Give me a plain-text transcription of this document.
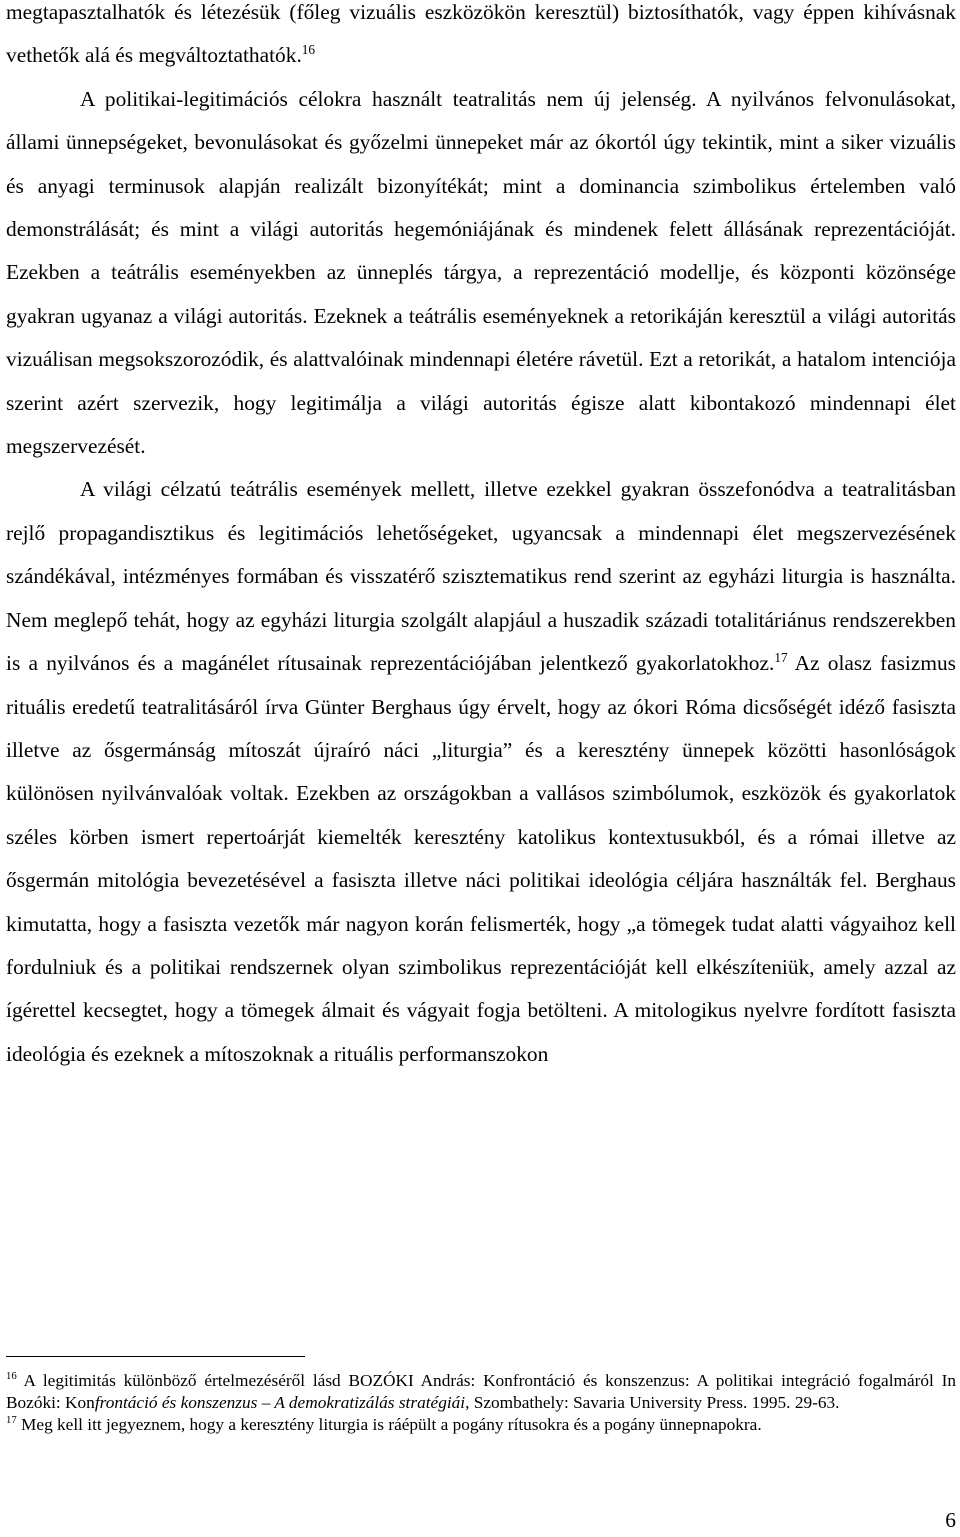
megtapasztalhatók és létezésük (főleg vizuális eszközökön keresztül) biztosíthatók, vagy éppen kihívásnak vethetők alá és megváltoztathatók.$^{16}$

A politikai-legitimációs célokra használt teatralitás nem új jelenség. A nyilvános felvonulásokat, állami ünnepségeket, bevonulásokat és győzelmi ünnepeket már az ókortól úgy tekintik, mint a siker vizuális és anyagi terminusok alapján realizált bizonyítékát; mint a dominancia szimbolikus értelemben való demonstrálását; és mint a világi autoritás hegemóniájának és mindenek felett állásának reprezentációját. Ezekben a teátrális eseményekben az ünneplés tárgya, a reprezentáció modellje, és központi közönsége gyakran ugyanaz a világi autoritás. Ezeknek a teátrális eseményeknek a retorikáján keresztül a világi autoritás vizuálisan megsokszorozódik, és alattvalóinak mindennapi életére rávetül. Ezt a retorikát, a hatalom intenciója szerint azért szervezik, hogy legitimálja a világi autoritás égisze alatt kibontakozó mindennapi élet megszervezését.

A világi célzatú teátrális események mellett, illetve ezekkel gyakran összefonódva a teatralitásban rejlő propagandisztikus és legitimációs lehetőségeket, ugyancsak a mindennapi élet megszervezésének szándékával, intézményes formában és visszatérő szisztematikus rend szerint az egyházi liturgia is használta. Nem meglepő tehát, hogy az egyházi liturgia szolgált alapjául a huszadik századi totalitáriánus rendszerekben is a nyilvános és a magánélet rítusainak reprezentációjában jelentkező gyakorlatokhoz.$^{17}$ Az olasz fasizmus rituális eredetű teatralitásáról írva Günter Berghaus úgy érvelt, hogy az ókori Róma dicsőségét idéző fasiszta illetve az ősgermánság mítoszát újraíró náci „liturgia” és a keresztény ünnepek közötti hasonlóságok különösen nyilvánvalóak voltak. Ezekben az országokban a vallásos szimbólumok, eszközök és gyakorlatok széles körben ismert repertoárját kiemelték keresztény katolikus kontextusukból, és a római illetve az ősgermán mitológia bevezetésével a fasiszta illetve náci politikai ideológia céljára használták fel. Berghaus kimutatta, hogy a fasiszta vezetők már nagyon korán felismerték, hogy „a tömegek tudat alatti vágyaihoz kell fordulniuk és a politikai rendszernek olyan szimbolikus reprezentációját kell elkészíteniük, amely azzal az ígérettel kecsegtet, hogy a tömegek álmait és vágyait fogja betölteni. A mitologikus nyelvre fordított fasiszta ideológia és ezeknek a mítoszoknak a rituális performanszokon

$^{16}$ A legitimitás különböző értelmezéséről lásd BOZÓKI András: Konfrontáció és konszenzus: A politikai integráció fogalmáról In Bozóki: Konfrontáció és konszenzus – A demokratizálás stratégiái, Szombathely: Savaria University Press. 1995. 29-63.

$^{17}$ Meg kell itt jegyeznem, hogy a keresztény liturgia is ráépült a pogány rítusokra és a pogány ünnepnapokra.

6
